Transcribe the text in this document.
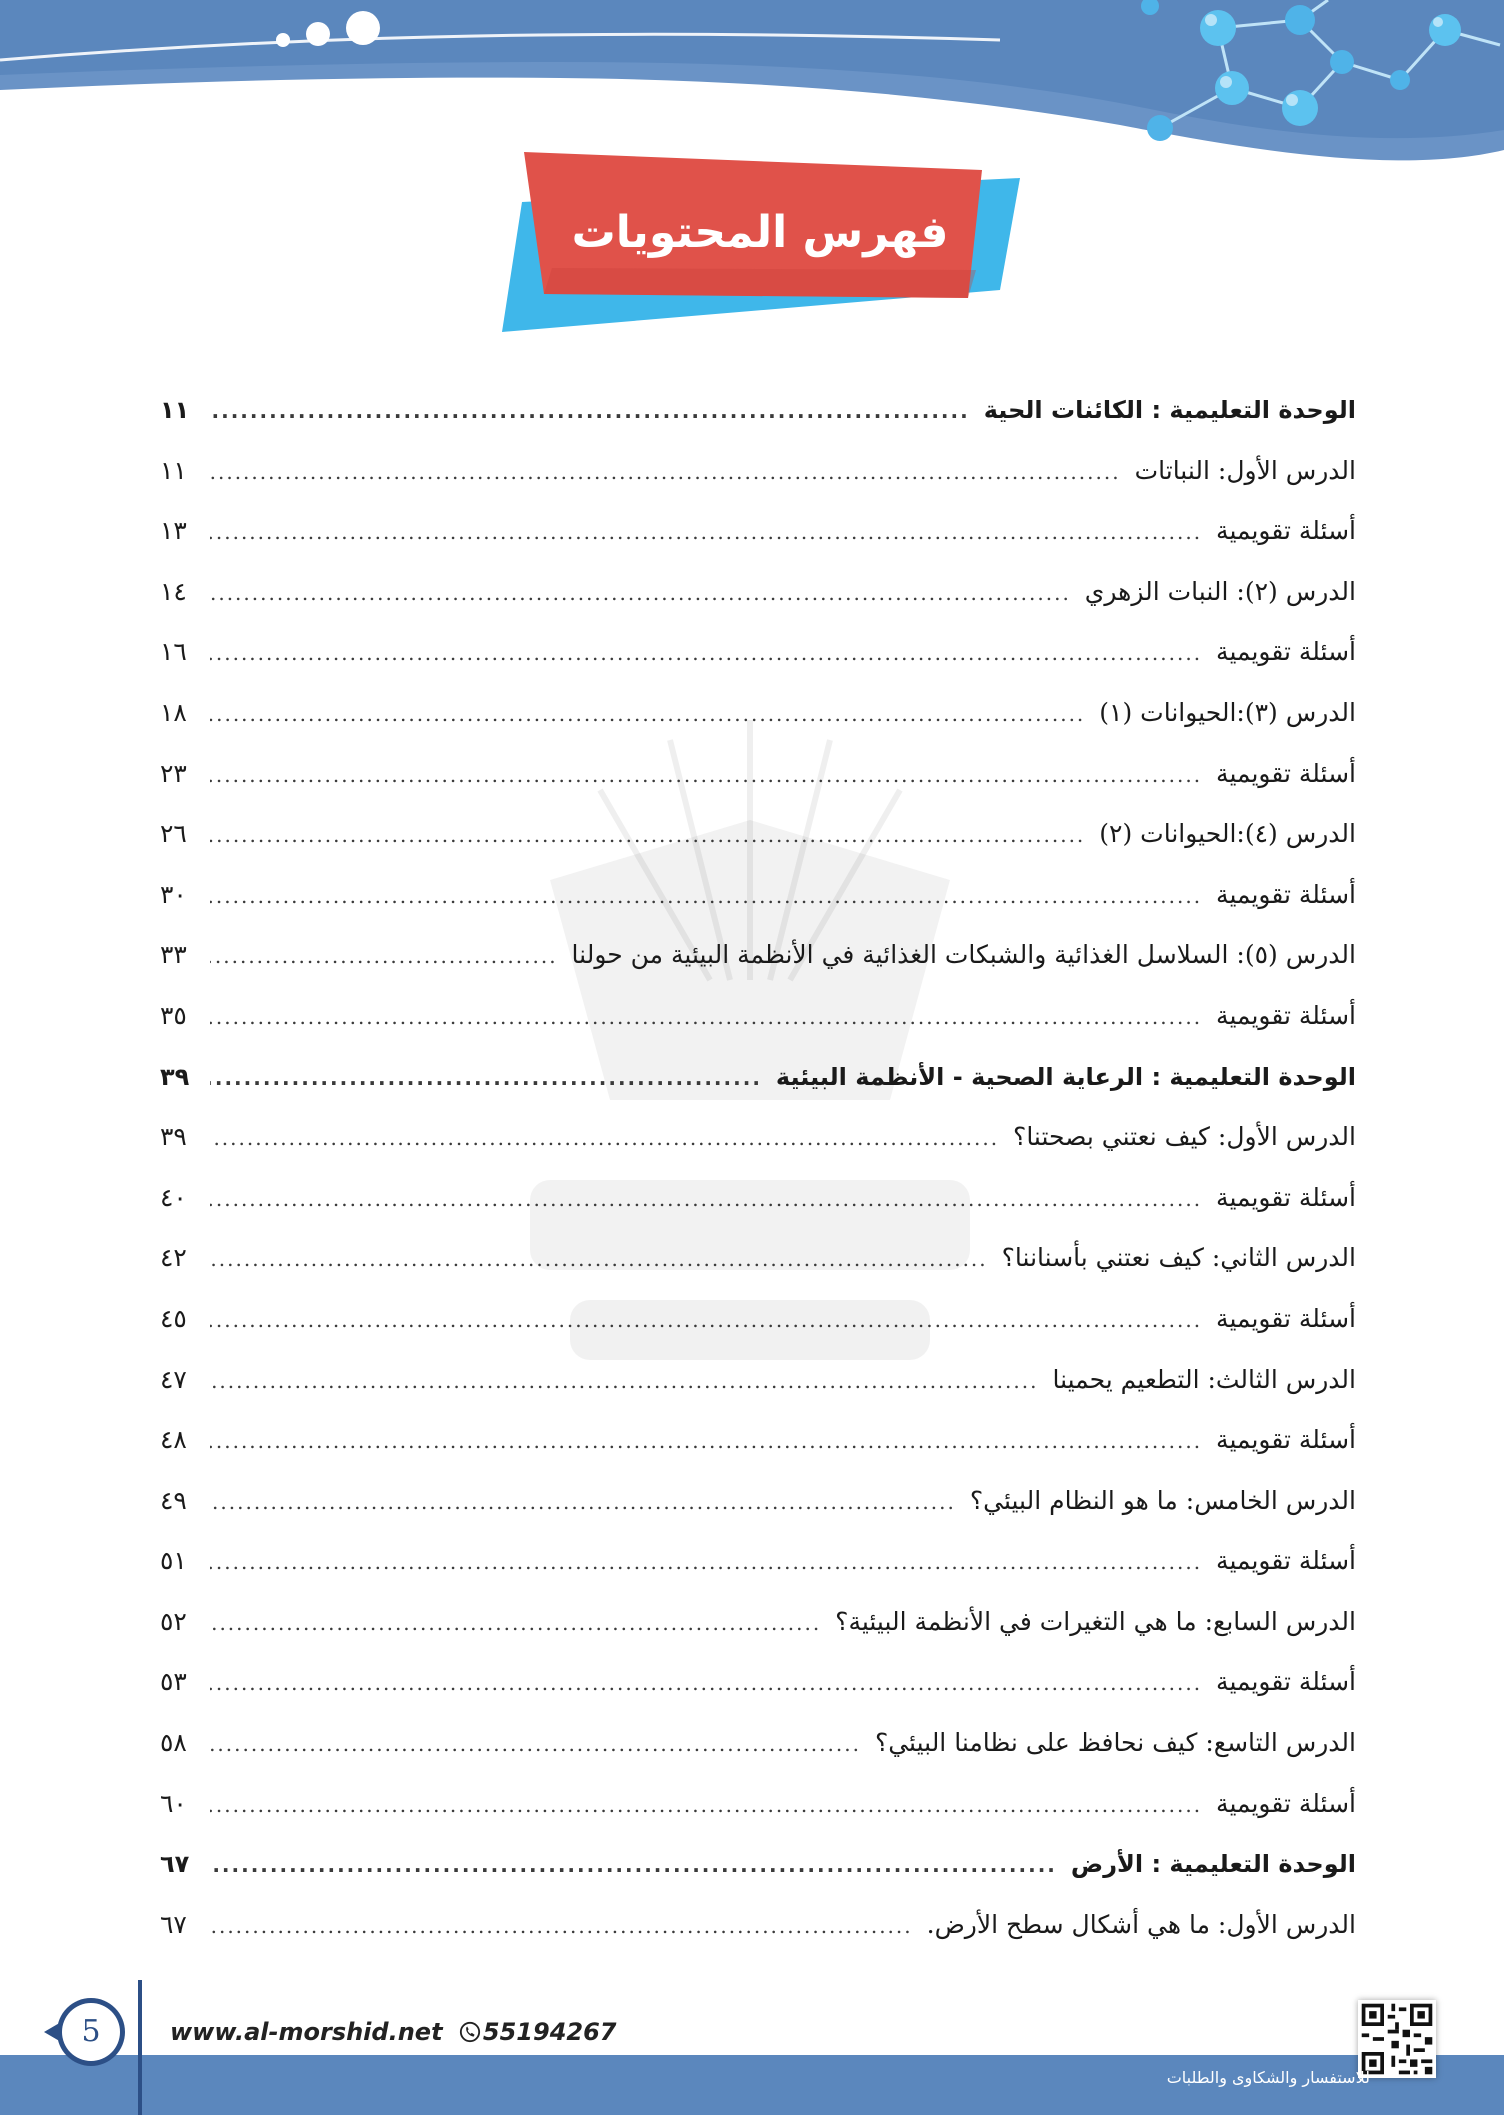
فهرس المحتويات
الوحدة التعليمية : الكائنات الحية
.....
١١
الدرس الأول: النباتات
.....
١١
أسئلة تقويمية
.....
١٣
الدرس (٢): النبات الزهري
.....
١٤
أسئلة تقويمية
.....
١٦
الدرس (٣):الحيوانات (١)
.....
١٨
أسئلة تقويمية
.....
٢٣
الدرس (٤):الحيوانات (٢)
.....
٢٦
أسئلة تقويمية
.....
٣٠
الدرس (٥): السلاسل الغذائية والشبكات الغذائية في الأنظمة البيئية من حولنا
.....
٣٣
أسئلة تقويمية
.....
٣٥
الوحدة التعليمية : الرعاية الصحية - الأنظمة البيئية
.....
٣٩
الدرس الأول: كيف نعتني بصحتنا؟
.....
٣٩
أسئلة تقويمية
.....
٤٠
الدرس الثاني: كيف نعتني بأسناننا؟
.....
٤٢
أسئلة تقويمية
.....
٤٥
الدرس الثالث: التطعيم يحمينا
.....
٤٧
أسئلة تقويمية
.....
٤٨
الدرس الخامس: ما هو النظام البيئي؟
.....
٤٩
أسئلة تقويمية
.....
٥١
الدرس السابع: ما هي التغيرات في الأنظمة البيئية؟
.....
٥٢
أسئلة تقويمية
.....
٥٣
الدرس التاسع: كيف نحافظ على نظامنا البيئي؟
.....
٥٨
أسئلة تقويمية
.....
٦٠
الوحدة التعليمية : الأرض
.....
٦٧
الدرس الأول: ما هي أشكال سطح الأرض.
.....
٦٧
5	www.al-morshid.net 55194267
للاستفسار والشكاوى والطلبات
